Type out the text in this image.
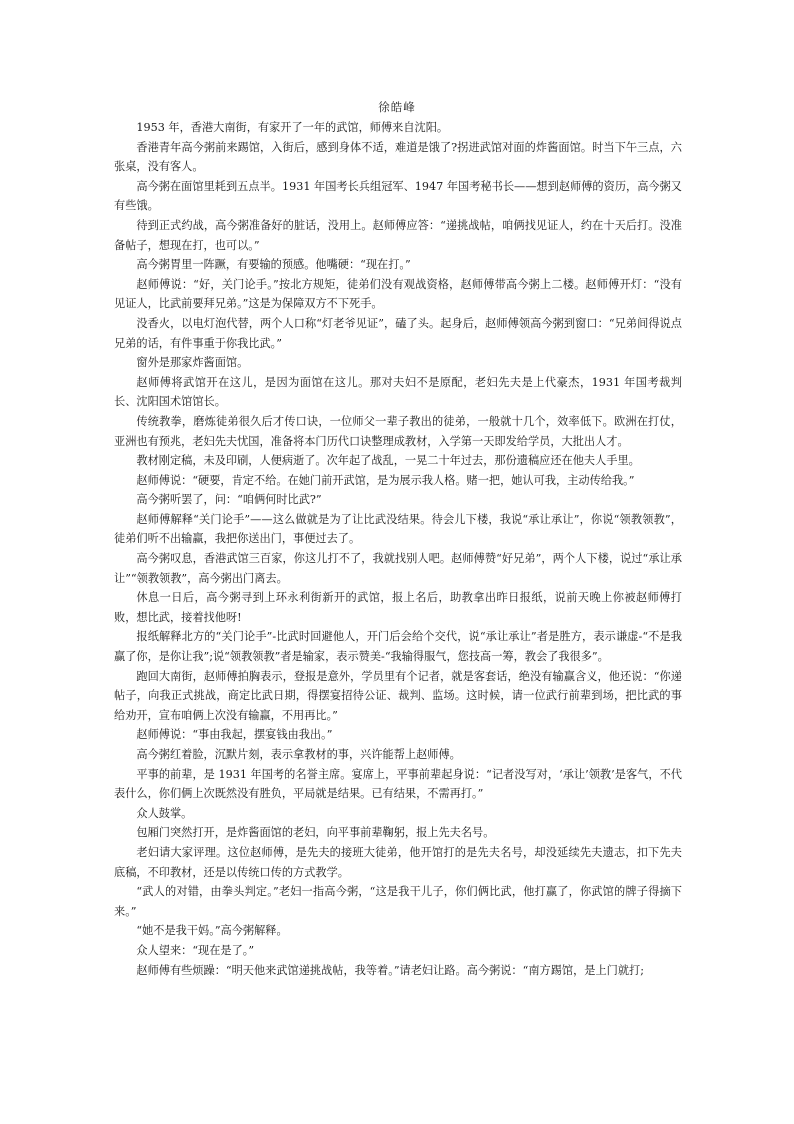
徐皓峰

1953 年，香港大南街，有家开了一年的武馆，师傅来自沈阳。

香港青年高今粥前来踢馆，入街后，感到身体不适，难道是饿了?拐进武馆对面的炸酱面馆。时当下午三点，六张桌，没有客人。

高今粥在面馆里耗到五点半。1931 年国考长兵组冠军、1947 年国考秘书长——想到赵师傅的资历，高今粥又有些饿。

待到正式约战，高今粥准备好的脏话，没用上。赵师傅应答：“递挑战帖，咱俩找见证人，约在十天后打。没准备帖子，想现在打，也可以。”

高今粥胃里一阵蹶，有要输的预感。他嘴硬：“现在打。”

赵师傅说：“好，关门论手。”按北方规矩，徒弟们没有观战资格，赵师傅带高今粥上二楼。赵师傅开灯：“没有见证人，比武前要拜兄弟。”这是为保障双方不下死手。

没香火，以电灯泡代替，两个人口称“灯老爷见证”，磕了头。起身后，赵师傅领高今粥到窗口：“兄弟间得说点兄弟的话，有件事重于你我比武。”

窗外是那家炸酱面馆。

赵师傅将武馆开在这儿，是因为面馆在这儿。那对夫妇不是原配，老妇先夫是上代豪杰，1931 年国考裁判长、沈阳国术馆馆长。

传统教拳，磨炼徒弟很久后才传口诀，一位师父一辈子教出的徒弟，一般就十几个，效率低下。欧洲在打仗，亚洲也有预兆，老妇先夫忧国，准备将本门历代口诀整理成教材，入学第一天即发给学员，大批出人才。

教材刚定稿，未及印刷，人便病逝了。次年起了战乱，一晃二十年过去，那份遗稿应还在他夫人手里。

赵师傅说：“硬要，肯定不给。在她门前开武馆，是为展示我人格。赌一把，她认可我，主动传给我。”

高今粥听罢了，问：“咱俩何时比武?”

赵师傅解释“关门论手”——这么做就是为了让比武没结果。待会儿下楼，我说“承让承让”，你说“领教领教”，徒弟们听不出输赢，我把你送出门，事便过去了。

高今粥叹息，香港武馆三百家，你这儿打不了，我就找别人吧。赵师傅赞“好兄弟”，两个人下楼，说过“承让承让”“领教领教”，高今粥出门离去。

休息一日后，高今粥寻到上环永利街新开的武馆，报上名后，助教拿出昨日报纸，说前天晚上你被赵师傅打败，想比武，接着找他呀!

报纸解释北方的“关门论手”-比武时回避他人，开门后会给个交代，说“承让承让”者是胜方，表示谦虚-“不是我赢了你，是你让我”;说“领教领教”者是输家，表示赞美-“我输得服气，您技高一筹，教会了我很多”。

跑回大南街，赵师傅拍胸表示，登报是意外，学员里有个记者，就是客套话，绝没有输赢含义，他还说：“你递帖子，向我正式挑战，商定比武日期，得摆宴招待公证、裁判、监场。这时候，请一位武行前辈到场，把比武的事给劝开，宣布咱俩上次没有输赢，不用再比。”

赵师傅说：“事由我起，摆宴钱由我出。”

高今粥红着脸，沉默片刻，表示拿教材的事，兴许能帮上赵师傅。

平事的前辈，是 1931 年国考的名誉主席。宴席上，平事前辈起身说：“记者没写对，‘承让’领教’是客气，不代表什么，你们俩上次既然没有胜负，平局就是结果。已有结果，不需再打。”

众人鼓掌。

包厢门突然打开，是炸酱面馆的老妇，向平事前辈鞠躬，报上先夫名号。

老妇请大家评理。这位赵师傅，是先夫的接班大徒弟，他开馆打的是先夫名号，却没延续先夫遗志，扣下先夫底稿，不印教材，还是以传统口传的方式教学。

“武人的对错，由拳头判定。”老妇一指高今粥，“这是我干儿子，你们俩比武，他打赢了，你武馆的牌子得摘下来。”

“她不是我干妈。”高今粥解释。

众人望来：“现在是了。”

赵师傅有些烦躁：“明天他来武馆递挑战帖，我等着。”请老妇让路。高今粥说：“南方踢馆，是上门就打;
